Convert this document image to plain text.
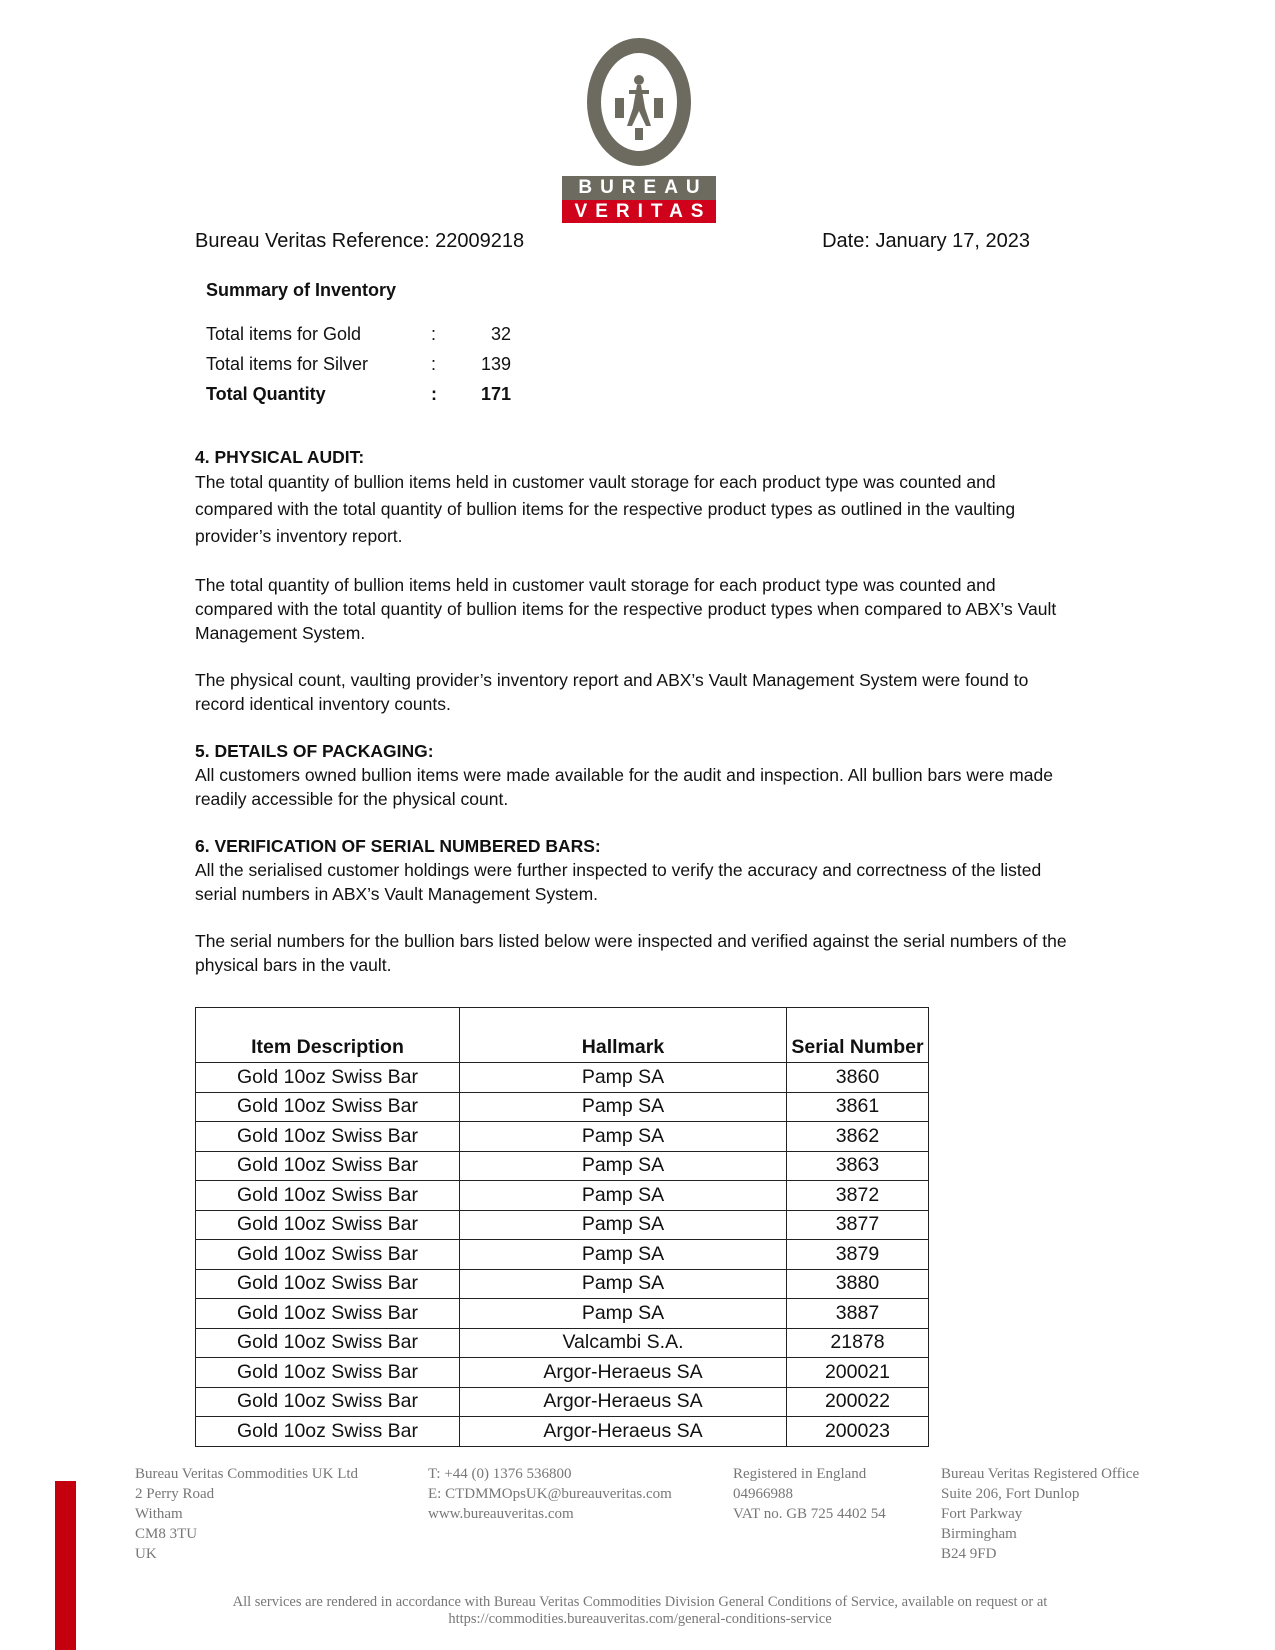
BUREAU
VERITAS
Bureau Veritas Reference: 22009218	Date: January 17, 2023
Summary of Inventory
Total items for Gold	:	32
Total items for Silver	:	139
Total Quantity	:	171
4. PHYSICAL AUDIT:

The total quantity of bullion items held in customer vault storage for each product type was counted and compared with the total quantity of bullion items for the respective product types as outlined in the vaulting provider’s inventory report.

The total quantity of bullion items held in customer vault storage for each product type was counted and compared with the total quantity of bullion items for the respective product types when compared to ABX’s Vault Management System.

The physical count, vaulting provider’s inventory report and ABX’s Vault Management System were found to record identical inventory counts.

5. DETAILS OF PACKAGING:

All customers owned bullion items were made available for the audit and inspection. All bullion bars were made readily accessible for the physical count.

6. VERIFICATION OF SERIAL NUMBERED BARS:

All the serialised customer holdings were further inspected to verify the accuracy and correctness of the listed serial numbers in ABX’s Vault Management System.

The serial numbers for the bullion bars listed below were inspected and verified against the serial numbers of the physical bars in the vault.

Item Description	Hallmark	Serial Number
Gold 10oz Swiss Bar	Pamp SA	3860
Gold 10oz Swiss Bar	Pamp SA	3861
Gold 10oz Swiss Bar	Pamp SA	3862
Gold 10oz Swiss Bar	Pamp SA	3863
Gold 10oz Swiss Bar	Pamp SA	3872
Gold 10oz Swiss Bar	Pamp SA	3877
Gold 10oz Swiss Bar	Pamp SA	3879
Gold 10oz Swiss Bar	Pamp SA	3880
Gold 10oz Swiss Bar	Pamp SA	3887
Gold 10oz Swiss Bar	Valcambi S.A.	21878
Gold 10oz Swiss Bar	Argor-Heraeus SA	200021
Gold 10oz Swiss Bar	Argor-Heraeus SA	200022
Gold 10oz Swiss Bar	Argor-Heraeus SA	200023
Bureau Veritas Commodities UK Ltd
2 Perry Road
Witham
CM8 3TU
UK
T: +44 (0) 1376 536800
E: CTDMMOpsUK@bureauveritas.com
www.bureauveritas.com
Registered in England
04966988
VAT no. GB 725 4402 54
Bureau Veritas Registered Office
Suite 206, Fort Dunlop
Fort Parkway
Birmingham
B24 9FD
All services are rendered in accordance with Bureau Veritas Commodities Division General Conditions of Service, available on request or at
https://commodities.bureauveritas.com/general-conditions-service
